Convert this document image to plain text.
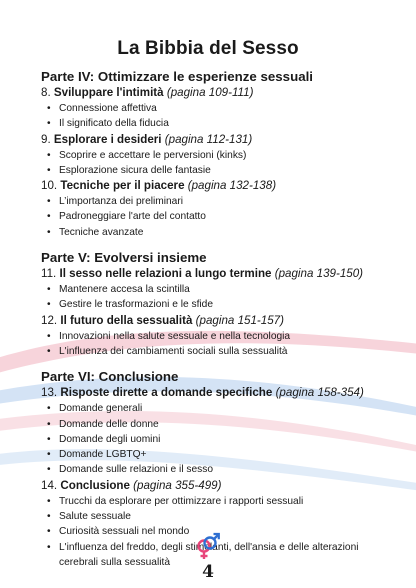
La Bibbia del Sesso
Parte IV: Ottimizzare le esperienze sessuali
8. Sviluppare l'intimità (pagina 109-111)
• Connessione affettiva
• Il significato della fiducia
9. Esplorare i desideri (pagina 112-131)
• Scoprire e accettare le perversioni (kinks)
• Esplorazione sicura delle fantasie
10. Tecniche per il piacere (pagina 132-138)
• L’importanza dei preliminari
• Padroneggiare l'arte del contatto
• Tecniche avanzate
Parte V: Evolversi insieme
11. Il sesso nelle relazioni a lungo termine (pagina 139-150)
• Mantenere accesa la scintilla
• Gestire le trasformazioni e le sfide
12. Il futuro della sessualità (pagina 151-157)
• Innovazioni nella salute sessuale e nella tecnologia
• L'influenza dei cambiamenti sociali sulla sessualità
Parte VI: Conclusione
13. Risposte dirette a domande specifiche (pagina 158-354)
• Domande generali
• Domande delle donne
• Domande degli uomini
• Domande LGBTQ+
• Domande sulle relazioni e il sesso
14. Conclusione (pagina 355-499)
• Trucchi da esplorare per ottimizzare i rapporti sessuali
• Salute sessuale
• Curiosità sessuali nel mondo
• L'influenza del freddo, degli stimolanti, dell'ansia e delle alterazioni cerebrali sulla sessualità	4
